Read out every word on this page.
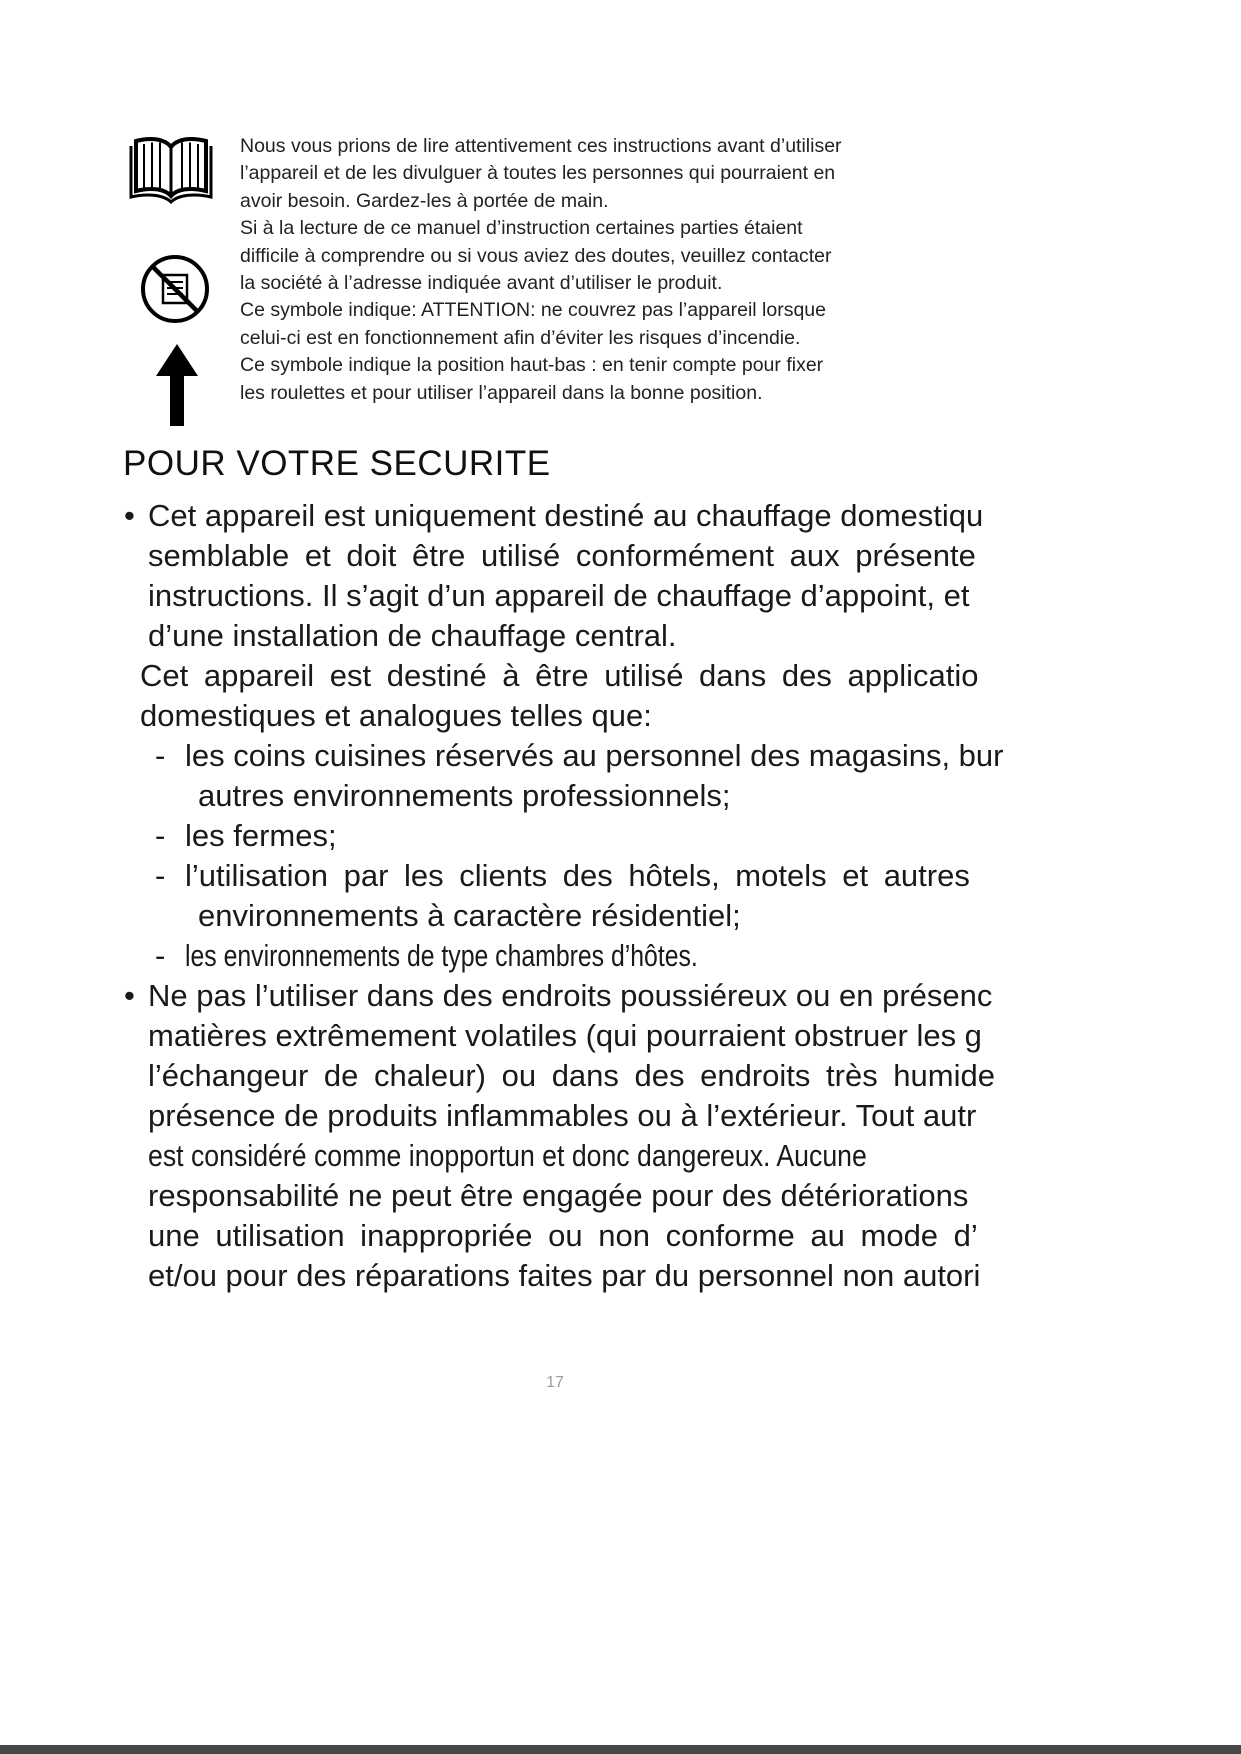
Nous vous prions de lire attentivement ces instructions avant d’utiliser
l’appareil et de les divulguer à toutes les personnes qui pourraient en
avoir besoin. Gardez-les à portée de main.
Si à la lecture de ce manuel d’instruction certaines parties étaient
difficile à comprendre ou si vous aviez des doutes, veuillez contacter
la société à l’adresse indiquée avant d’utiliser le produit.
Ce symbole indique: ATTENTION: ne couvrez pas l’appareil lorsque
celui-ci est en fonctionnement afin d’éviter les risques d’incendie.
Ce symbole indique la position haut-bas : en tenir compte pour fixer
les roulettes et pour utiliser l’appareil dans la bonne position.
POUR VOTRE SECURITE
• Cet appareil est uniquement destiné au chauffage domestiqu
semblable et doit être utilisé conformément aux présente
instructions. Il s’agit d’un appareil de chauffage d’appoint, et
d’une installation de chauffage central.
Cet appareil est destiné à être utilisé dans des applicatio
domestiques et analogues telles que:
- les coins cuisines réservés au personnel des magasins, bur
autres environnements professionnels;
- les fermes;
- l’utilisation par les clients des hôtels, motels et autres
environnements à caractère résidentiel;
- les environnements de type chambres d’hôtes.
• Ne pas l’utiliser dans des endroits poussiéreux ou en présenc
matières extrêmement volatiles (qui pourraient obstruer les g
l’échangeur de chaleur) ou dans des endroits très humide
présence de produits inflammables ou à l’extérieur. Tout autr
est considéré comme inopportun et donc dangereux. Aucune
responsabilité ne peut être engagée pour des détériorations
une utilisation inappropriée ou non conforme au mode d’
et/ou pour des réparations faites par du personnel non autori
17
